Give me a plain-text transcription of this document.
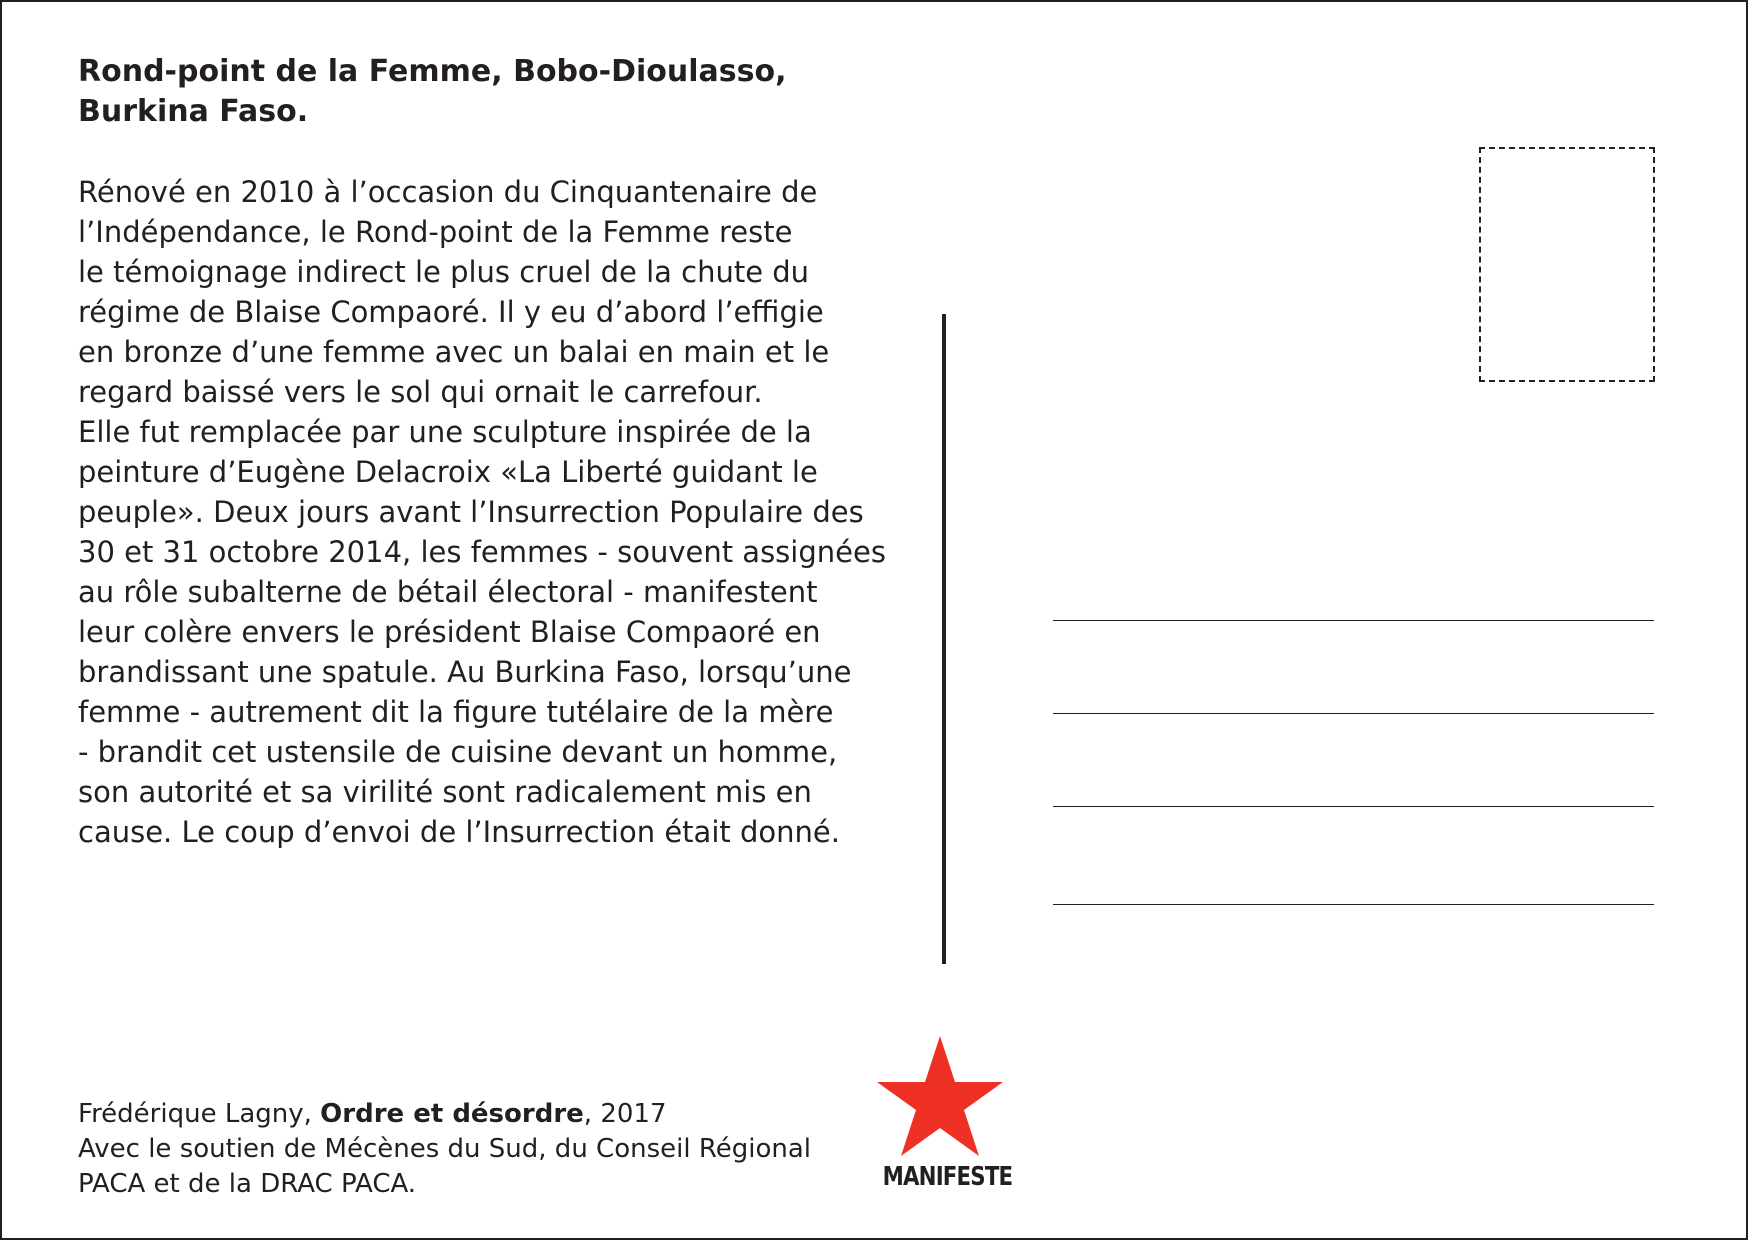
Rond-point de la Femme, Bobo-Dioulasso,
Burkina Faso.
Rénové en 2010 à l’occasion du Cinquantenaire de
l’Indépendance, le Rond-point de la Femme reste
le témoignage indirect le plus cruel de la chute du
régime de Blaise Compaoré. Il y eu d’abord l’effigie
en bronze d’une femme avec un balai en main et le
regard baissé vers le sol qui ornait le carrefour.
Elle fut remplacée par une sculpture inspirée de la
peinture d’Eugène Delacroix «La Liberté guidant le
peuple». Deux jours avant l’Insurrection Populaire des
30 et 31 octobre 2014, les femmes - souvent assignées
au rôle subalterne de bétail électoral - manifestent
leur colère envers le président Blaise Compaoré en
brandissant une spatule. Au Burkina Faso, lorsqu’une
femme - autrement dit la figure tutélaire de la mère
- brandit cet ustensile de cuisine devant un homme,
son autorité et sa virilité sont radicalement mis en
cause. Le coup d’envoi de l’Insurrection était donné.
Frédérique Lagny, Ordre et désordre, 2017
Avec le soutien de Mécènes du Sud, du Conseil Régional
PACA et de la DRAC PACA.	MANIFESTE
